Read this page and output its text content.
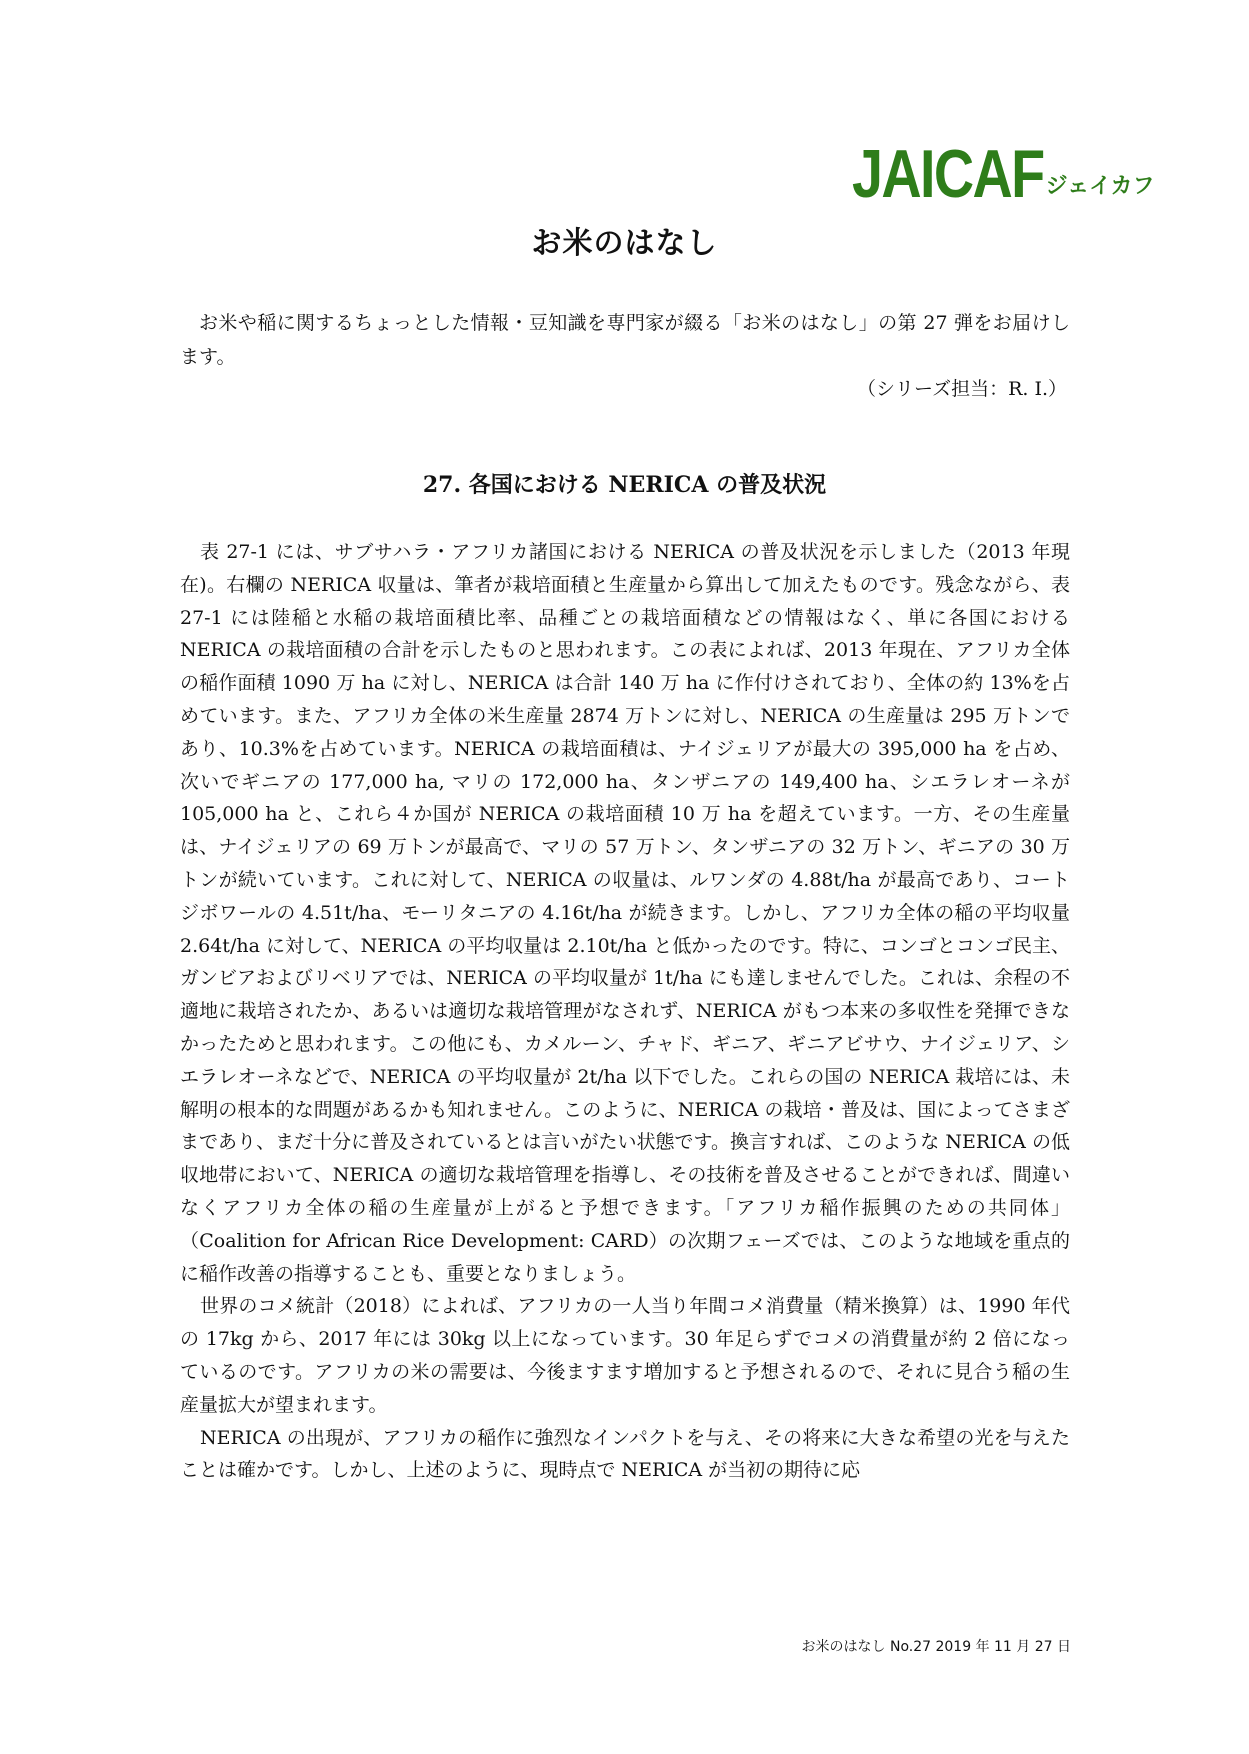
JAICAF ジェイカフ
お米のはなし

お米や稲に関するちょっとした情報・豆知識を専門家が綴る「お米のはなし」の第 27 弾をお届けします。

（シリーズ担当：R. I.）

27. 各国における NERICA の普及状況

表 27-1 には、サブサハラ・アフリカ諸国における NERICA の普及状況を示しました（2013 年現在)。右欄の NERICA 収量は、筆者が栽培面積と生産量から算出して加えたものです。残念ながら、表 27-1 には陸稲と水稲の栽培面積比率、品種ごとの栽培面積などの情報はなく、単に各国における NERICA の栽培面積の合計を示したものと思われます。この表によれば、2013 年現在、アフリカ全体の稲作面積 1090 万 ha に対し、NERICA は合計 140 万 ha に作付けされており、全体の約 13%を占めています。また、アフリカ全体の米生産量 2874 万トンに対し、NERICA の生産量は 295 万トンであり、10.3%を占めています。NERICA の栽培面積は、ナイジェリアが最大の 395,000 ha を占め、次いでギニアの 177,000 ha, マリの 172,000 ha、タンザニアの 149,400 ha、シエラレオーネが 105,000 ha と、これら４か国が NERICA の栽培面積 10 万 ha を超えています。一方、その生産量は、ナイジェリアの 69 万トンが最高で、マリの 57 万トン、タンザニアの 32 万トン、ギニアの 30 万トンが続いています。これに対して、NERICA の収量は、ルワンダの 4.88t/ha が最高であり、コートジボワールの 4.51t/ha、モーリタニアの 4.16t/ha が続きます。しかし、アフリカ全体の稲の平均収量 2.64t/ha に対して、NERICA の平均収量は 2.10t/ha と低かったのです。特に、コンゴとコンゴ民主、ガンビアおよびリベリアでは、NERICA の平均収量が 1t/ha にも達しませんでした。これは、余程の不適地に栽培されたか、あるいは適切な栽培管理がなされず、NERICA がもつ本来の多収性を発揮できなかったためと思われます。この他にも、カメルーン、チャド、ギニア、ギニアビサウ、ナイジェリア、シエラレオーネなどで、NERICA の平均収量が 2t/ha 以下でした。これらの国の NERICA 栽培には、未解明の根本的な問題があるかも知れません。このように、NERICA の栽培・普及は、国によってさまざまであり、まだ十分に普及されているとは言いがたい状態です。換言すれば、このような NERICA の低収地帯において、NERICA の適切な栽培管理を指導し、その技術を普及させることができれば、間違いなくアフリカ全体の稲の生産量が上がると予想できます。「アフリカ稲作振興のための共同体」（Coalition for African Rice Development: CARD）の次期フェーズでは、このような地域を重点的に稲作改善の指導することも、重要となりましょう。

世界のコメ統計（2018）によれば、アフリカの一人当り年間コメ消費量（精米換算）は、1990 年代の 17kg から、2017 年には 30kg 以上になっています。30 年足らずでコメの消費量が約 2 倍になっているのです。アフリカの米の需要は、今後ますます増加すると予想されるので、それに見合う稲の生産量拡大が望まれます。

NERICA の出現が、アフリカの稲作に強烈なインパクトを与え、その将来に大きな希望の光を与えたことは確かです。しかし、上述のように、現時点で NERICA が当初の期待に応

お米のはなし No.27 2019 年 11 月 27 日
